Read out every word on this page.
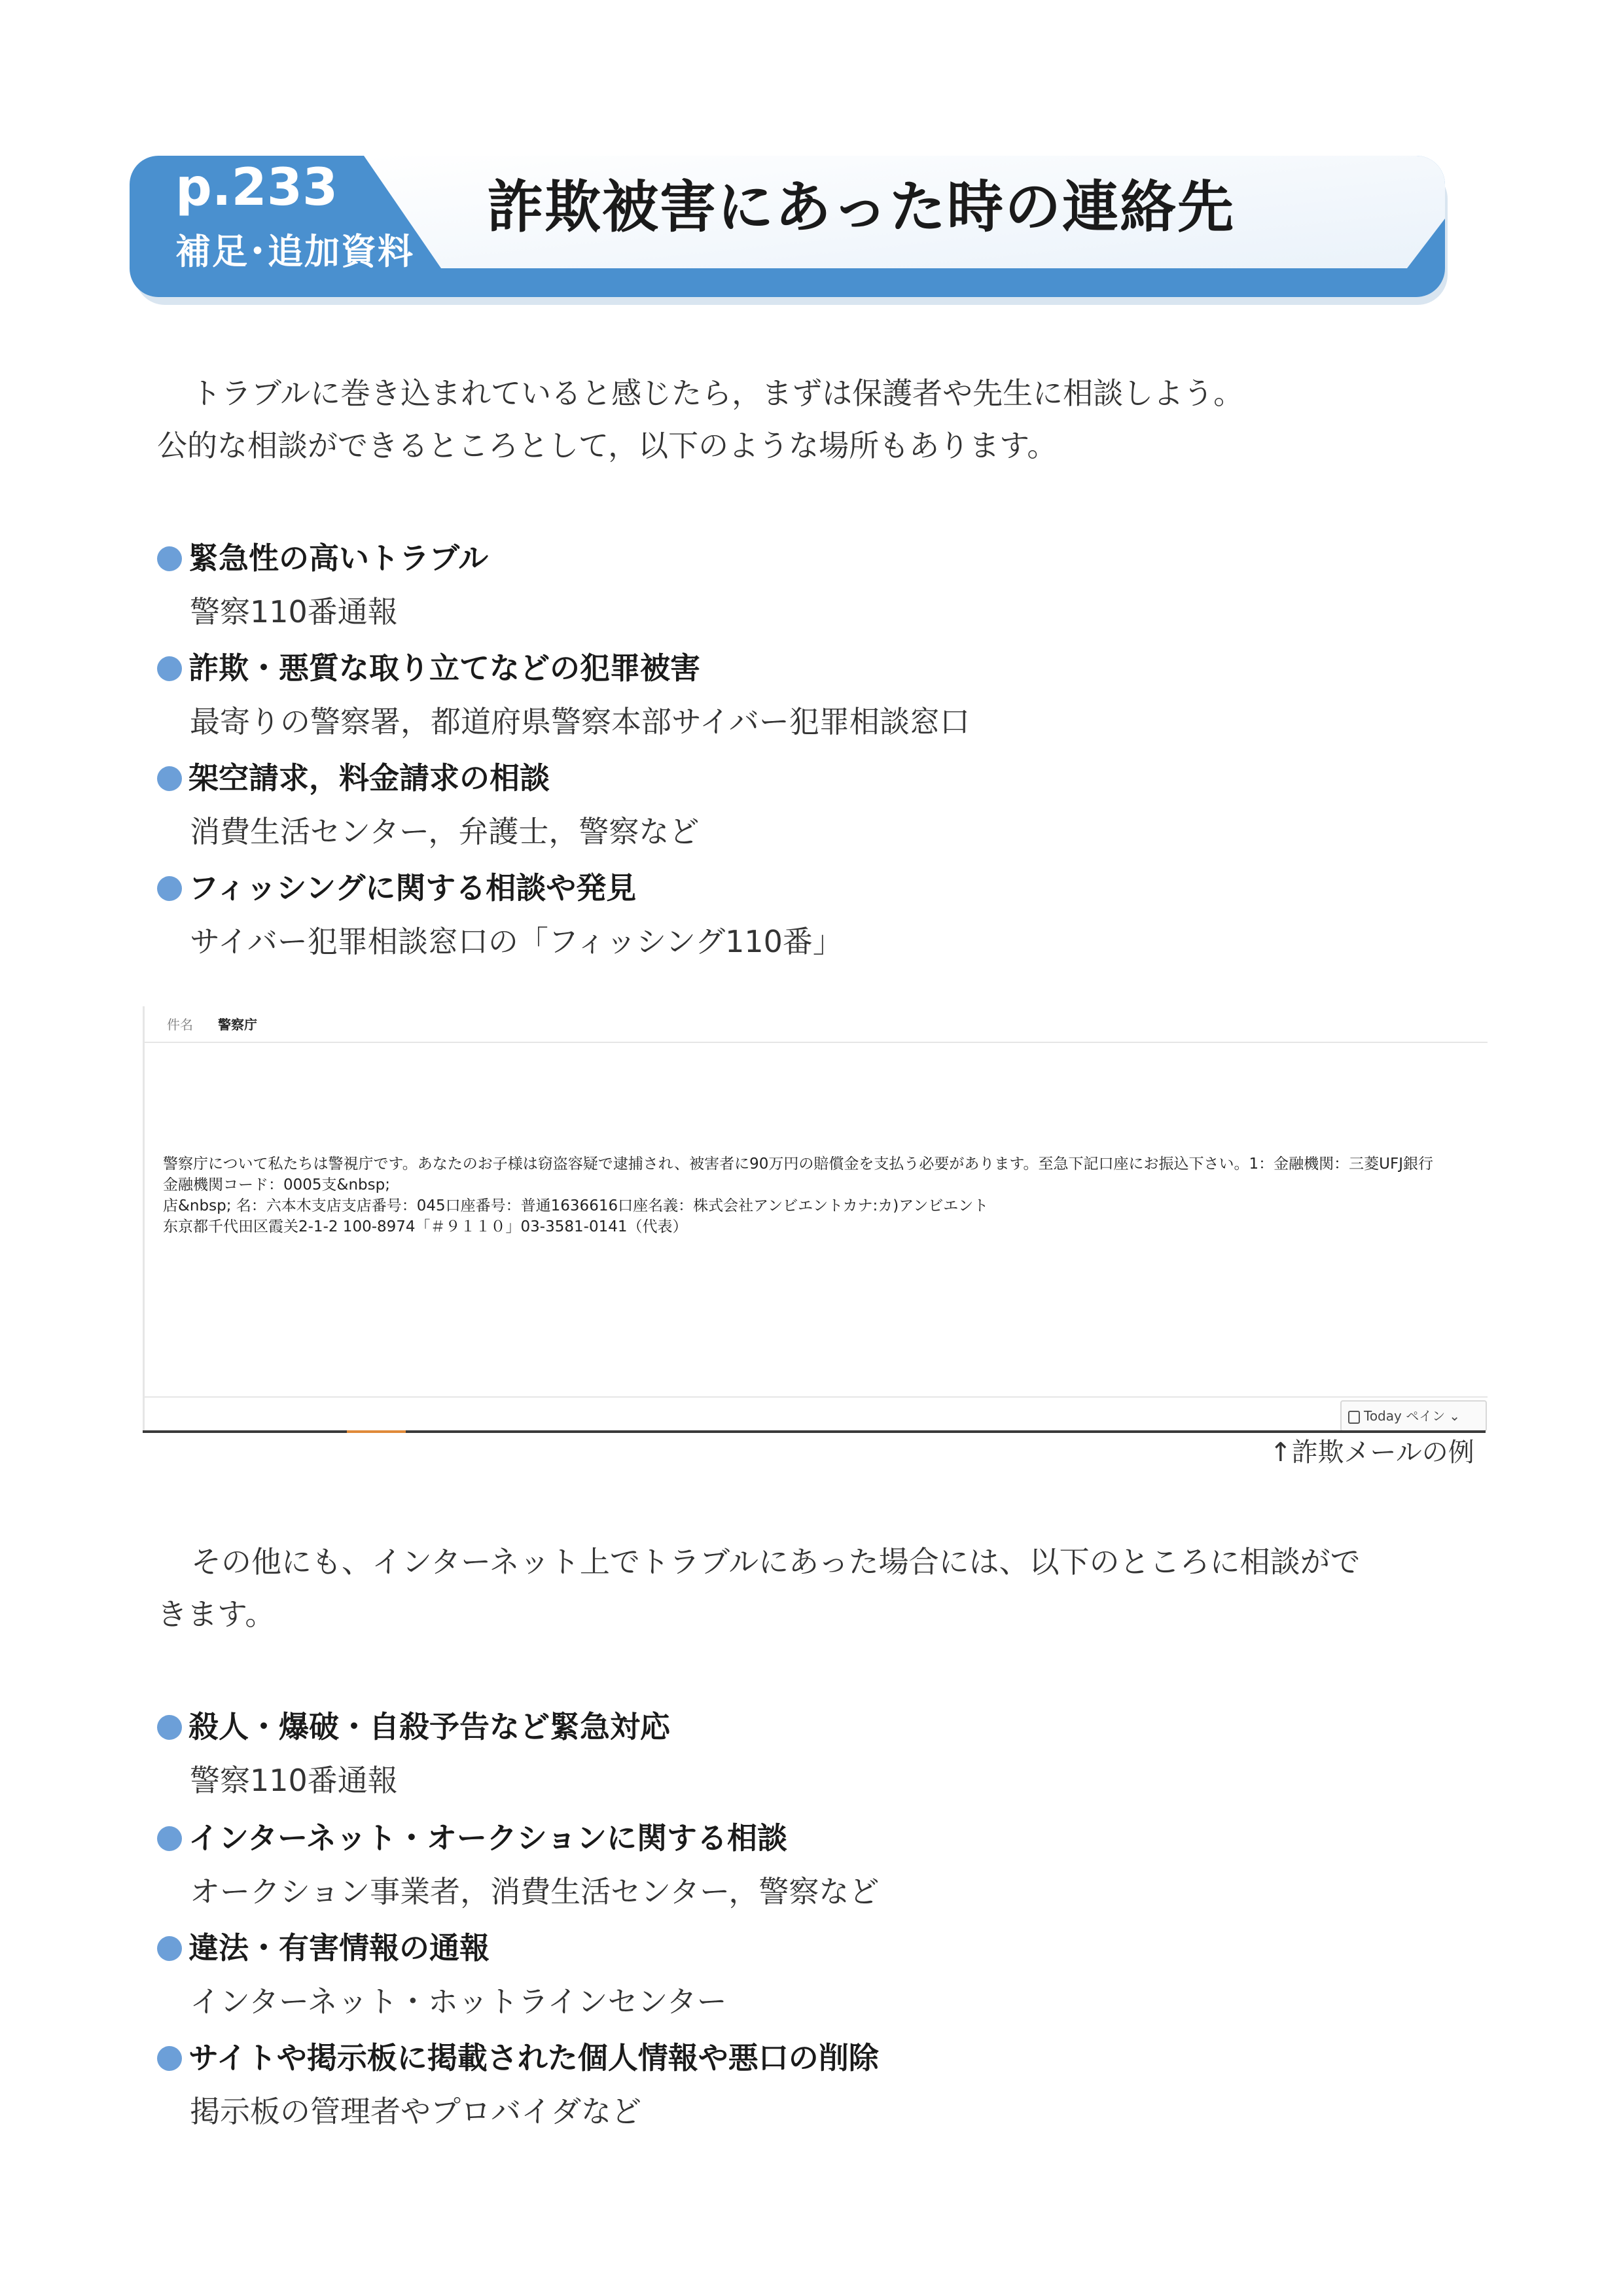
p.233
補足･追加資料
詐欺被害にあった時の連絡先
トラブルに巻き込まれていると感じたら，まずは保護者や先生に相談しよう。
公的な相談ができるところとして，以下のような場所もあります。
緊急性の高いトラブル
警察110番通報
詐欺・悪質な取り立てなどの犯罪被害
最寄りの警察署，都道府県警察本部サイバー犯罪相談窓口
架空請求，料金請求の相談
消費生活センター，弁護士，警察など
フィッシングに関する相談や発見
サイバー犯罪相談窓口の「フィッシング110番」
件名 警察庁
警察庁について私たちは警視庁です。あなたのお子様は窃盗容疑で逮捕され、被害者に90万円の賠償金を支払う必要があります。至急下記口座にお振込下さい。1：金融機関：三菱UFJ銀行
金融機関コード：0005支&nbsp;
店&nbsp; 名：六本木支店支店番号：045口座番号：普通1636616口座名義：株式会社アンビエントカナ:カ)アンビエント
东京都千代田区霞关2-1-2 100-8974「＃９１１０」03-3581-0141（代表）
Today ペイン ⌄
↑詐欺メールの例
その他にも、インターネット上でトラブルにあった場合には、以下のところに相談がで
きます。
殺人・爆破・自殺予告など緊急対応
警察110番通報
インターネット・オークションに関する相談
オークション事業者，消費生活センター，警察など
違法・有害情報の通報
インターネット・ホットラインセンター
サイトや掲示板に掲載された個人情報や悪口の削除
掲示板の管理者やプロバイダなど
